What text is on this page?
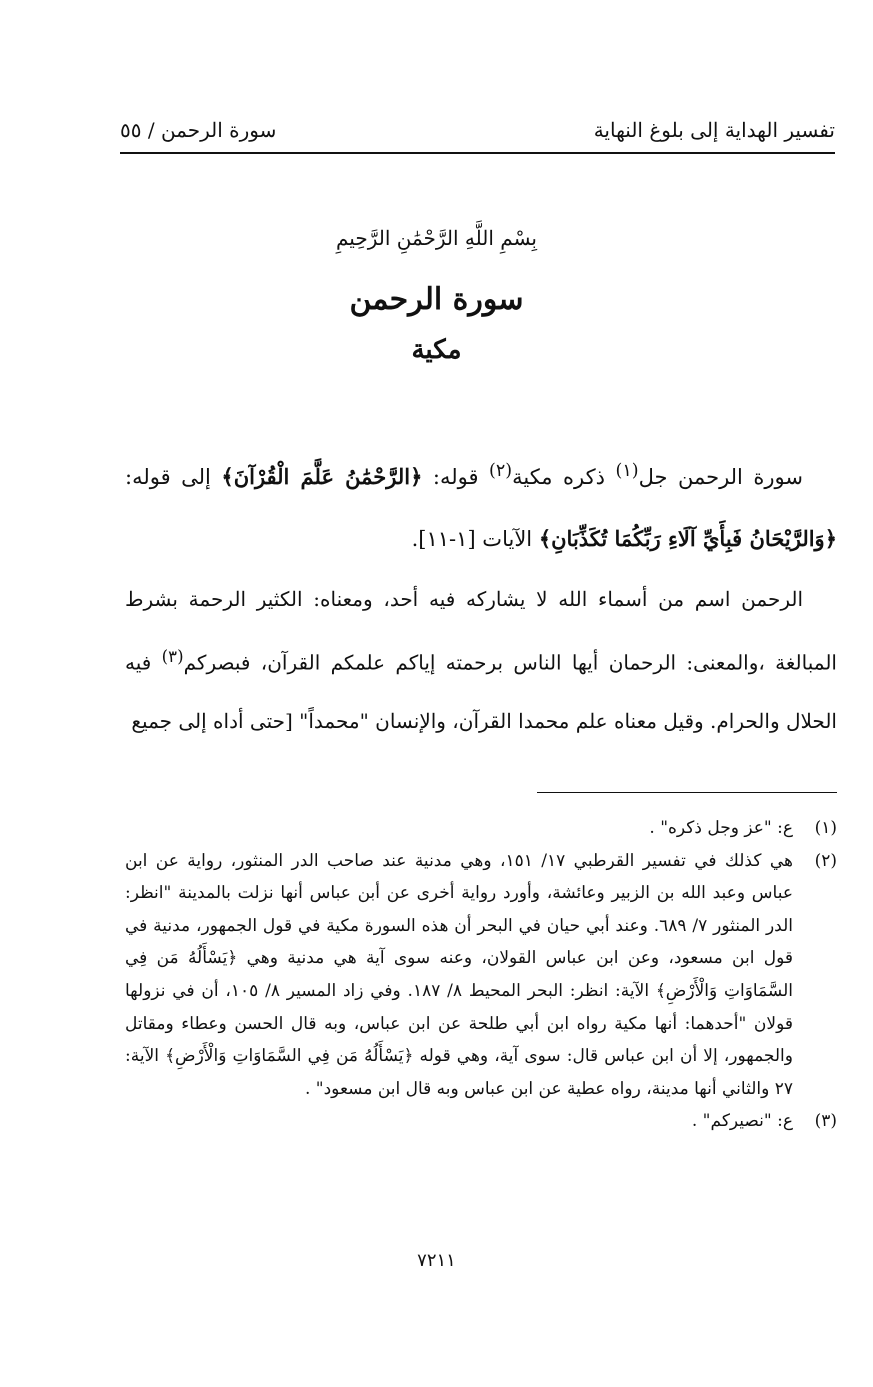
تفسير الهداية إلى بلوغ النهاية
سورة الرحمن / ٥٥
بِسْمِ اللَّهِ الرَّحْمَٰنِ الرَّحِيمِ
سورة الرحمن
مكية

سورة الرحمن جل$^{(١)}$ ذكره مكية$^{(٢)}$ قوله: ﴿الرَّحْمَٰنُ عَلَّمَ الْقُرْآنَ﴾ إلى قوله: ﴿وَالرَّيْحَانُ فَبِأَيِّ آلَاءِ رَبِّكُمَا تُكَذِّبَانِ﴾ الآيات [١-١١].

الرحمن اسم من أسماء الله لا يشاركه فيه أحد، ومعناه: الكثير الرحمة بشرط المبالغة ،والمعنى: الرحمان أيها الناس برحمته إياكم علمكم القرآن، فبصركم$^{(٣)}$ فيه الحلال والحرام. وقيل معناه علم محمدا القرآن، والإنسان "محمداً" [حتى أداه إلى جميع

(١)
ع: "عز وجل ذكره" .
(٢)
هي كذلك في تفسير القرطبي ١٧/ ١٥١، وهي مدنية عند صاحب الدر المنثور، رواية عن ابن عباس وعبد الله بن الزبير وعائشة، وأورد رواية أخرى عن أبن عباس أنها نزلت بالمدينة "انظر: الدر المنثور ٧/ ٦٨٩. وعند أبي حيان في البحر أن هذه السورة مكية في قول الجمهور، مدنية في قول ابن مسعود، وعن ابن عباس القولان، وعنه سوى آية هي مدنية وهي ﴿يَسْأَلُهُ مَن فِي السَّمَاوَاتِ وَالْأَرْضِ﴾ الآية: انظر: البحر المحيط ٨/ ١٨٧. وفي زاد المسير ٨/ ١٠٥، أن في نزولها قولان "أحدهما: أنها مكية رواه ابن أبي طلحة عن ابن عباس، وبه قال الحسن وعطاء ومقاتل والجمهور، إلا أن ابن عباس قال: سوى آية، وهي قوله ﴿يَسْأَلُهُ مَن فِي السَّمَاوَاتِ وَالْأَرْضِ﴾ الآية: ٢٧ والثاني أنها مدينة، رواه عطية عن ابن عباس وبه قال ابن مسعود" .
(٣)
ع: "نصيركم" .
٧٢١١
